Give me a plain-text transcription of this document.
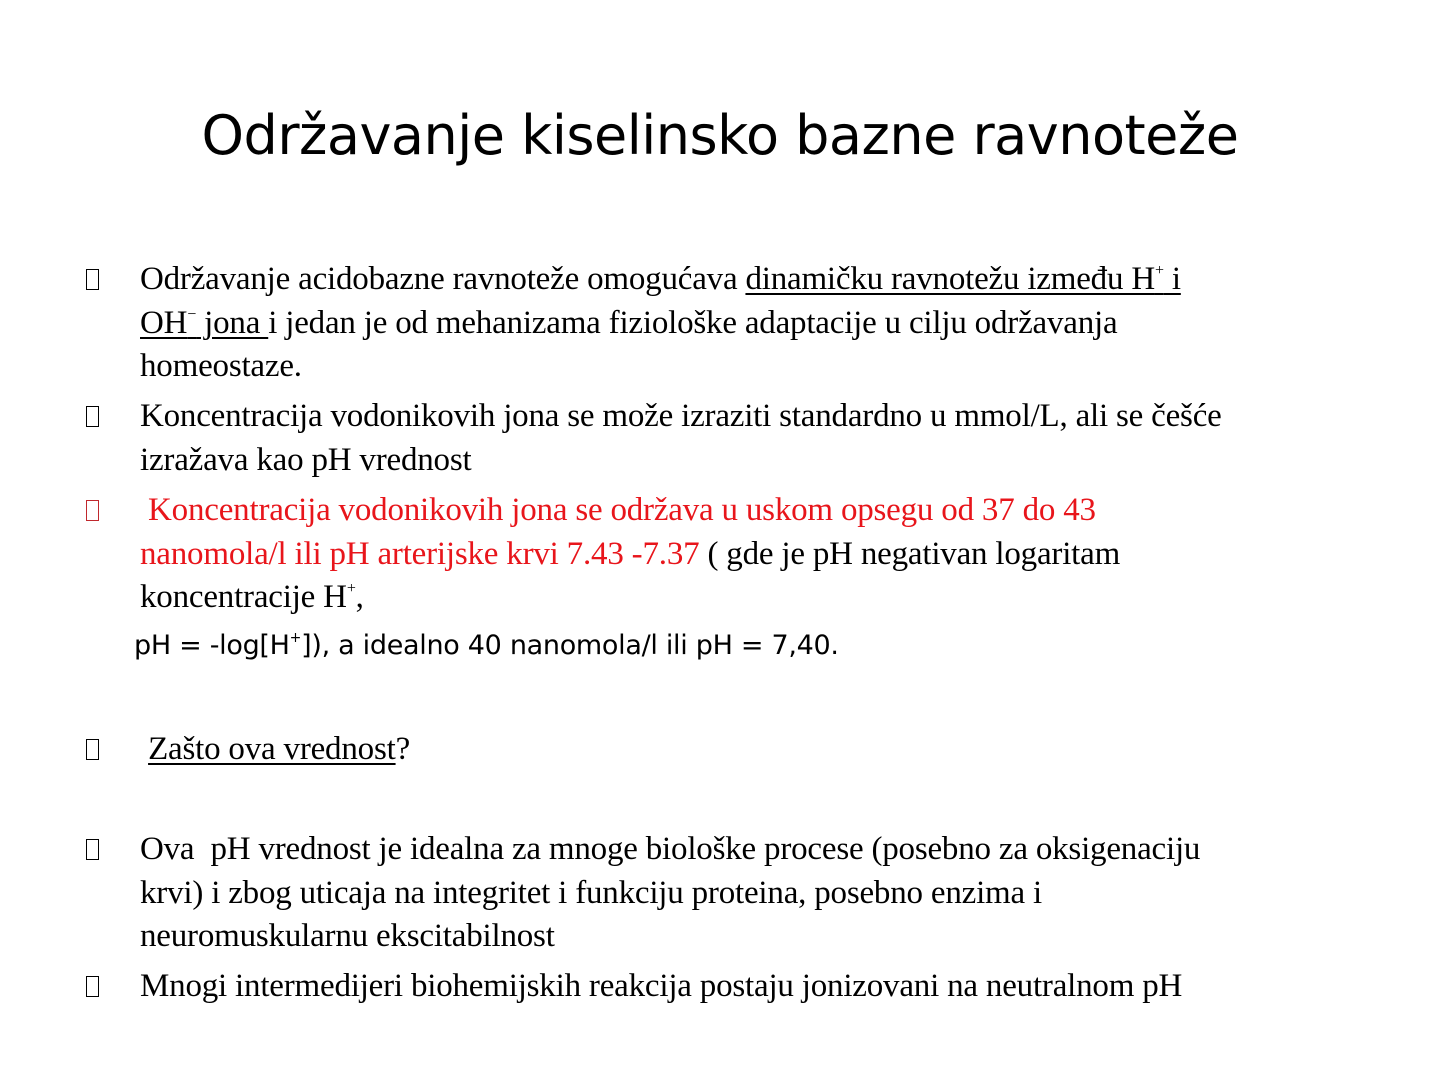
Održavanje kiselinsko bazne ravnoteže

Održavanje acidobazne ravnoteže omogućava dinamičku ravnotežu između H+ i
OH− jona i jedan je od mehanizama fiziološke adaptacije u cilju održavanja
homeostaze.

Koncentracija vodonikovih jona se može izraziti standardno u mmol/L, ali se češće
izražava kao pH vrednost

Koncentracija vodonikovih jona se održava u uskom opsegu od 37 do 43
nanomola/l ili pH arterijske krvi 7.43 -7.37 ( gde je pH negativan logaritam
koncentracije H+,

pH = -log[H+]), a idealno 40 nanomola/l ili pH = 7,40.

Zašto ova vrednost?

Ova  pH vrednost je idealna za mnoge biološke procese (posebno za oksigenaciju
krvi) i zbog uticaja na integritet i funkciju proteina, posebno enzima i
neuromuskularnu ekscitabilnost

Mnogi intermedijeri biohemijskih reakcija postaju jonizovani na neutralnom pH
